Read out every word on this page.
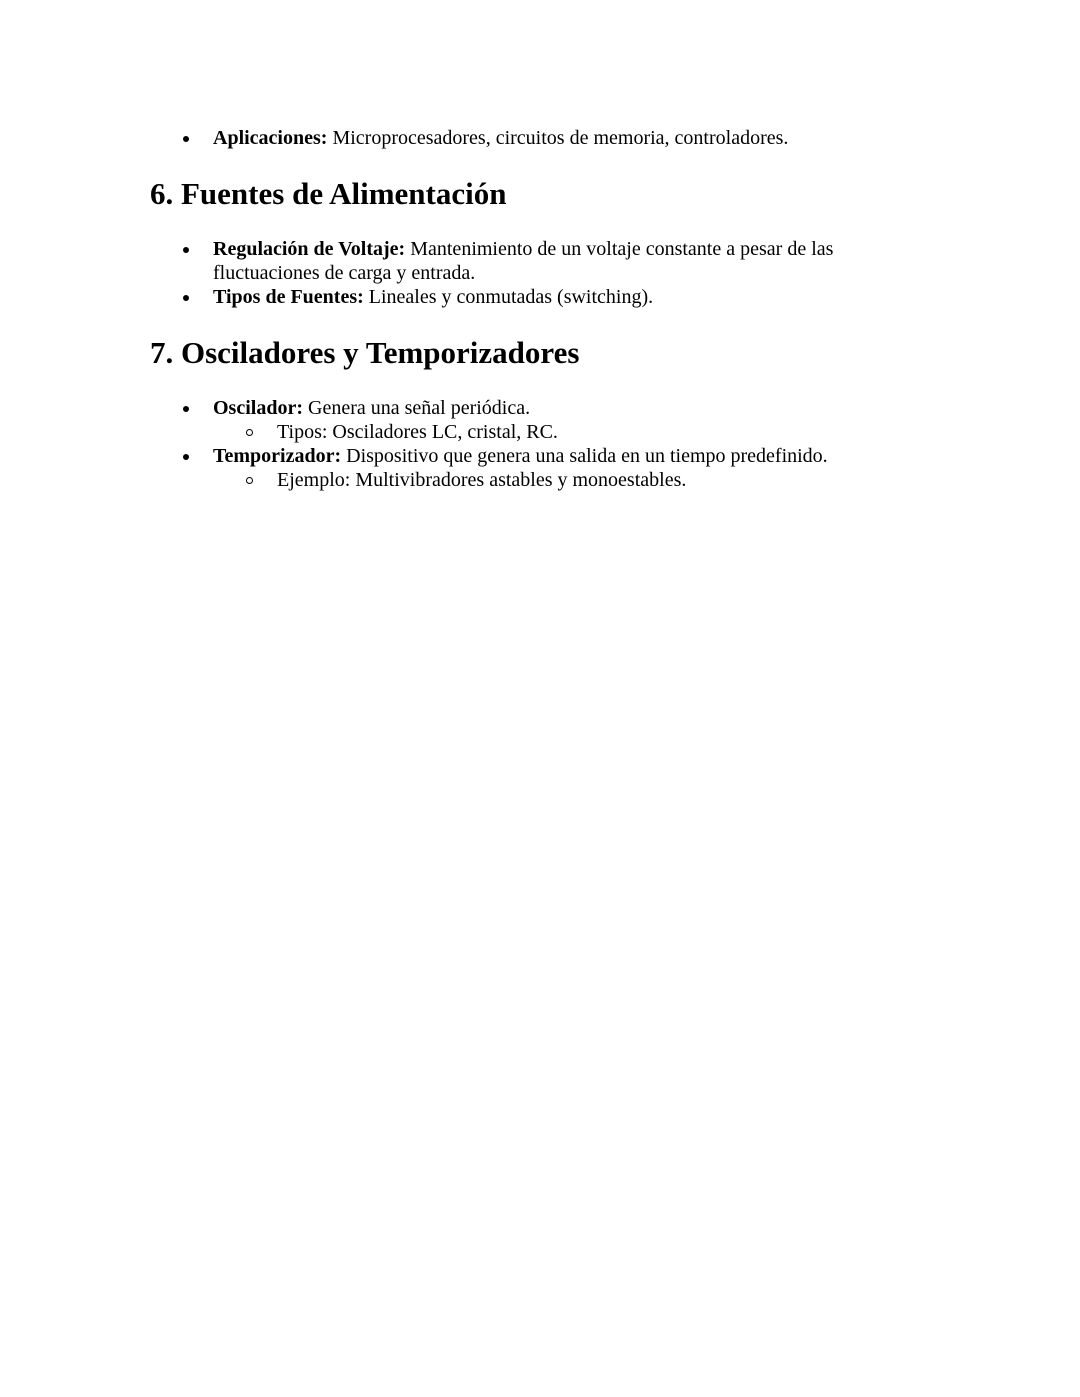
Aplicaciones: Microprocesadores, circuitos de memoria, controladores.
6. Fuentes de Alimentación
Regulación de Voltaje: Mantenimiento de un voltaje constante a pesar de las fluctuaciones de carga y entrada.
Tipos de Fuentes: Lineales y conmutadas (switching).
7. Osciladores y Temporizadores
Oscilador: Genera una señal periódica.
Tipos: Osciladores LC, cristal, RC.
Temporizador: Dispositivo que genera una salida en un tiempo predefinido.
Ejemplo: Multivibradores astables y monoestables.
